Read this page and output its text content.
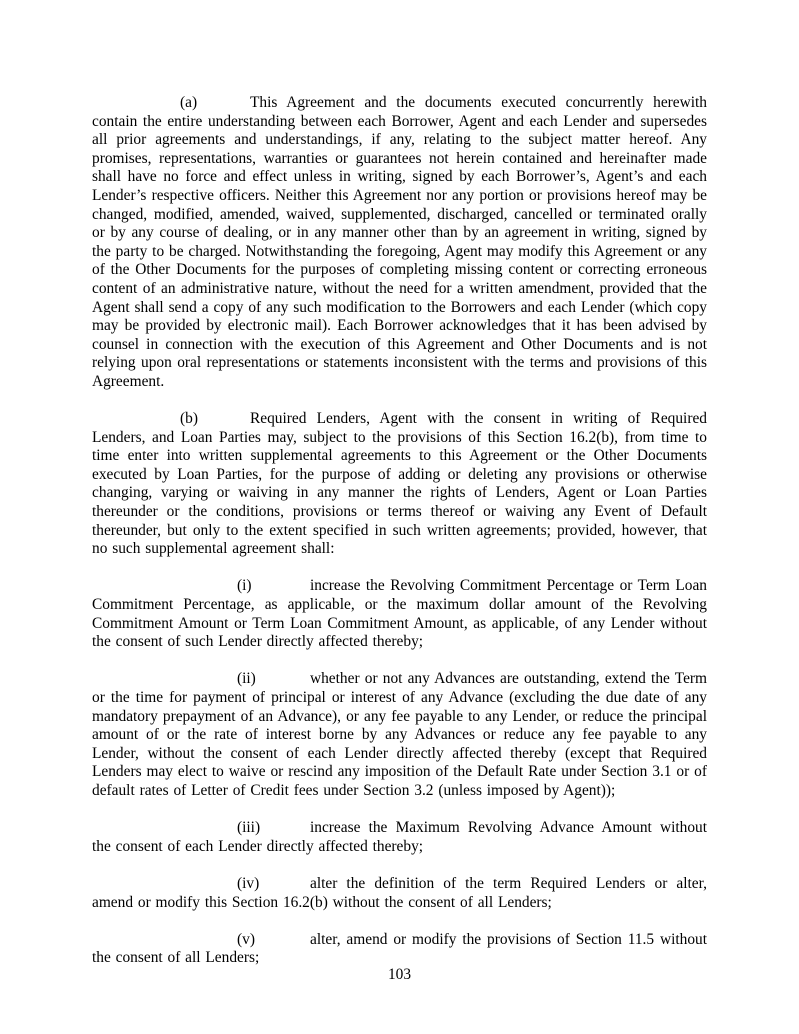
(a)	This Agreement and the documents executed concurrently herewith contain the entire understanding between each Borrower, Agent and each Lender and supersedes all prior agreements and understandings, if any, relating to the subject matter hereof. Any promises, representations, warranties or guarantees not herein contained and hereinafter made shall have no force and effect unless in writing, signed by each Borrower’s, Agent’s and each Lender’s respective officers. Neither this Agreement nor any portion or provisions hereof may be changed, modified, amended, waived, supplemented, discharged, cancelled or terminated orally or by any course of dealing, or in any manner other than by an agreement in writing, signed by the party to be charged. Notwithstanding the foregoing, Agent may modify this Agreement or any of the Other Documents for the purposes of completing missing content or correcting erroneous content of an administrative nature, without the need for a written amendment, provided that the Agent shall send a copy of any such modification to the Borrowers and each Lender (which copy may be provided by electronic mail). Each Borrower acknowledges that it has been advised by counsel in connection with the execution of this Agreement and Other Documents and is not relying upon oral representations or statements inconsistent with the terms and provisions of this Agreement.

(b)	Required Lenders, Agent with the consent in writing of Required Lenders, and Loan Parties may, subject to the provisions of this Section 16.2(b), from time to time enter into written supplemental agreements to this Agreement or the Other Documents executed by Loan Parties, for the purpose of adding or deleting any provisions or otherwise changing, varying or waiving in any manner the rights of Lenders, Agent or Loan Parties thereunder or the conditions, provisions or terms thereof or waiving any Event of Default thereunder, but only to the extent specified in such written agreements; provided, however, that no such supplemental agreement shall:

(i)	increase the Revolving Commitment Percentage or Term Loan Commitment Percentage, as applicable, or the maximum dollar amount of the Revolving Commitment Amount or Term Loan Commitment Amount, as applicable, of any Lender without the consent of such Lender directly affected thereby;

(ii)	whether or not any Advances are outstanding, extend the Term or the time for payment of principal or interest of any Advance (excluding the due date of any mandatory prepayment of an Advance), or any fee payable to any Lender, or reduce the principal amount of or the rate of interest borne by any Advances or reduce any fee payable to any Lender, without the consent of each Lender directly affected thereby (except that Required Lenders may elect to waive or rescind any imposition of the Default Rate under Section 3.1 or of default rates of Letter of Credit fees under Section 3.2 (unless imposed by Agent));

(iii)	increase the Maximum Revolving Advance Amount without the consent of each Lender directly affected thereby;

(iv)	alter the definition of the term Required Lenders or alter, amend or modify this Section 16.2(b) without the consent of all Lenders;

(v)	alter, amend or modify the provisions of Section 11.5 without the consent of all Lenders;

103
